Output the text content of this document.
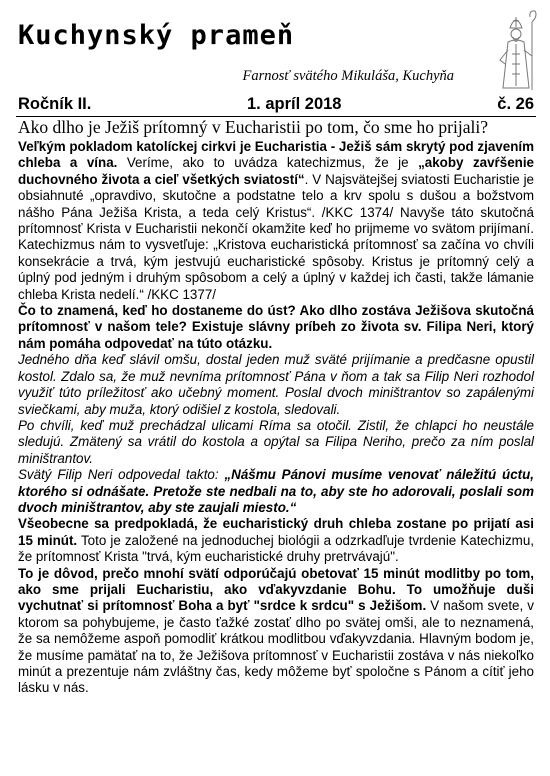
Kuchynský prameň
Farnosť svätého Mikuláša, Kuchyňa
Ročník II.	1. apríl 2018	č. 26
Ako dlho je Ježiš prítomný v Eucharistii po tom, čo sme ho prijali?

Veľkým pokladom katolíckej cirkvi je Eucharistia - Ježiš sám skrytý pod zjavením chleba a vína. Veríme, ako to uvádza katechizmus, že je „akoby zavŕšenie duchovného života a cieľ všetkých sviatostí“. V Najsvätejšej sviatosti Eucharistie je obsiahnuté „opravdivo, skutočne a podstatne telo a krv spolu s dušou a božstvom nášho Pána Ježiša Krista, a teda celý Kristus“. /KKC 1374/ Navyše táto skutočná prítomnosť Krista v Eucharistii nekončí okamžite keď ho prijmeme vo svätom prijímaní. Katechizmus nám to vysvetľuje: „Kristova eucharistická prítomnosť sa začína vo chvíli konsekrácie a trvá, kým jestvujú eucharistické spôsoby. Kristus je prítomný celý a úplný pod jedným i druhým spôsobom a celý a úplný v každej ich časti, takže lámanie chleba Krista nedelí.“ /KKC 1377/

Čo to znamená, keď ho dostaneme do úst? Ako dlho zostáva Ježišova skutočná prítomnosť v našom tele? Existuje slávny príbeh zo života sv. Filipa Neri, ktorý nám pomáha odpovedať na túto otázku.

Jedného dňa keď slávil omšu, dostal jeden muž sväté prijímanie a predčasne opustil kostol. Zdalo sa, že muž nevníma prítomnosť Pána v ňom a tak sa Filip Neri rozhodol využiť túto príležitosť ako učebný moment. Poslal dvoch miništrantov so zapálenými sviečkami, aby muža, ktorý odišiel z kostola, sledovali.

Po chvíli, keď muž prechádzal ulicami Ríma sa otočil. Zistil, že chlapci ho neustále sledujú. Zmätený sa vrátil do kostola a opýtal sa Filipa Neriho, prečo za ním poslal miništrantov.

Svätý Filip Neri odpovedal takto: „Nášmu Pánovi musíme venovať náležitú úctu, ktorého si odnášate. Pretože ste nedbali na to, aby ste ho adorovali, poslali som dvoch miništrantov, aby ste zaujali miesto.“

Všeobecne sa predpokladá, že eucharistický druh chleba zostane po prijatí asi 15 minút. Toto je založené na jednoduchej biológii a odzrkadľuje tvrdenie Katechizmu, že prítomnosť Krista "trvá, kým eucharistické druhy pretrvávajú".

To je dôvod, prečo mnohí svätí odporúčajú obetovať 15 minút modlitby po tom, ako sme prijali Eucharistiu, ako vďakyvzdanie Bohu. To umožňuje duši vychutnať si prítomnosť Boha a byť "srdce k srdcu" s Ježišom. V našom svete, v ktorom sa pohybujeme, je často ťažké zostať dlho po svätej omši, ale to neznamená, že sa nemôžeme aspoň pomodliť krátkou modlitbou vďakyvzdania. Hlavným bodom je, že musíme pamätať na to, že Ježišova prítomnosť v Eucharistii zostáva v nás niekoľko minút a prezentuje nám zvláštny čas, kedy môžeme byť spoločne s Pánom a cítiť jeho lásku v nás.
